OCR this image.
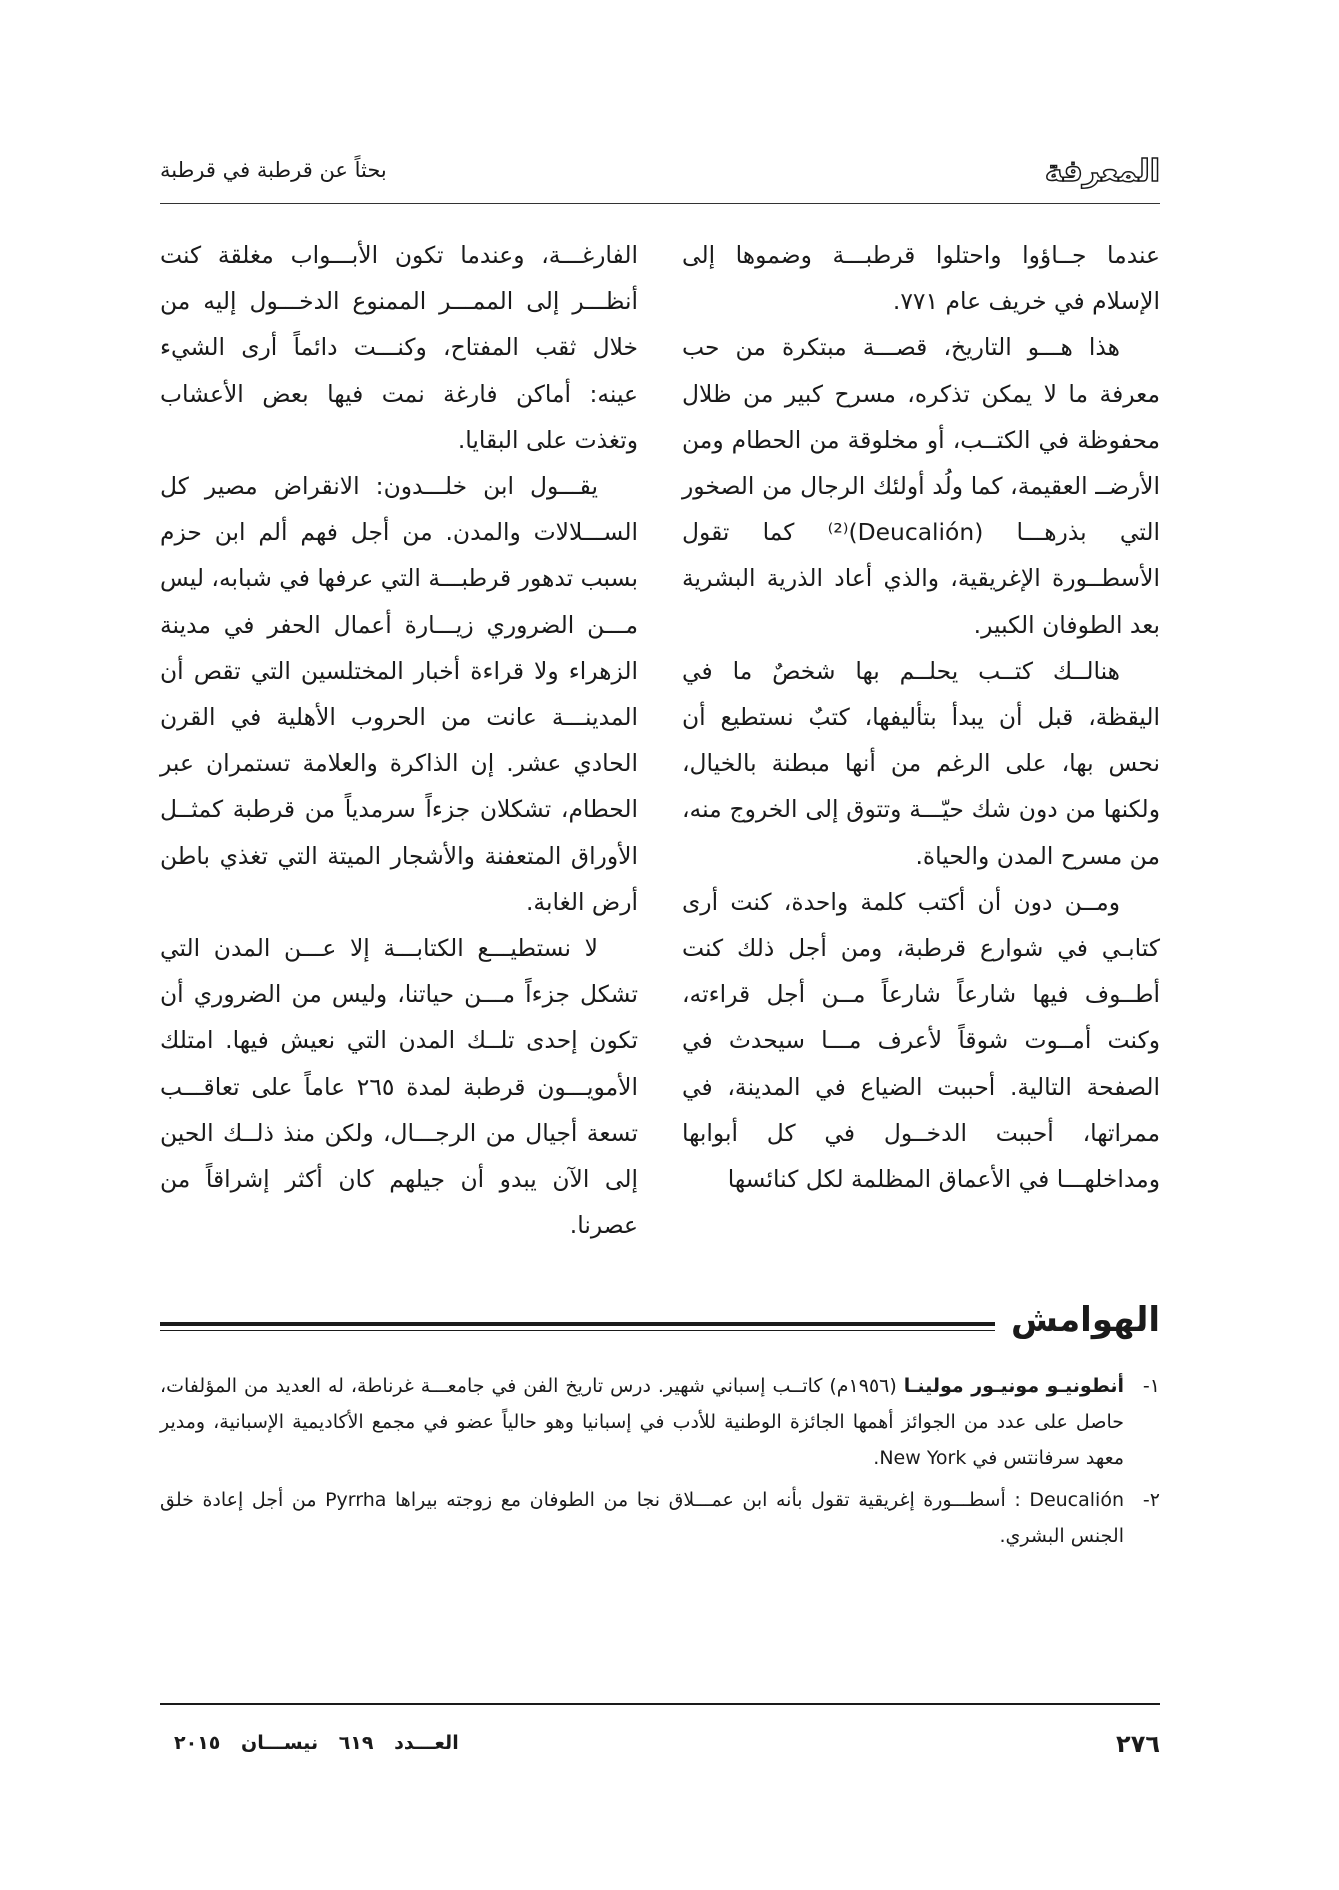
المعرفة
بحثاً عن قرطبة في قرطبة

عندما جــاؤوا واحتلوا قرطبـــة وضموها إلى الإسلام في خريف عام ٧٧١.

هذا هـــو التاريخ، قصـــة مبتكرة من حب معرفة ما لا يمكن تذكره، مسرح كبير من ظلال محفوظة في الكتــب، أو مخلوقة من الحطام ومن الأرضــ العقيمة، كما ولُد أولئك الرجال من الصخور التي بذرهـــا (Deucalión)⁽²⁾ كما تقول الأسطــورة الإغريقية، والذي أعاد الذرية البشرية بعد الطوفان الكبير.

هنالــك كتــب يحلــم بها شخصٌ ما في اليقظة، قبل أن يبدأ بتأليفها، كتبٌ نستطيع أن نحس بها، على الرغم من أنها مبطنة بالخيال، ولكنها من دون شك حيّـــة وتتوق إلى الخروج منه، من مسرح المدن والحياة.

ومــن دون أن أكتب كلمة واحدة، كنت أرى كتابـي في شوارع قرطبة، ومن أجل ذلك كنت أطــوف فيها شارعاً شارعاً مــن أجل قراءته، وكنت أمــوت شوقاً لأعرف مـــا سيحدث في الصفحة التالية. أحببت الضياع في المدينة، في ممراتها، أحببت الدخــول في كل أبوابها ومداخلهـــا في الأعماق المظلمة لكل كنائسها

الفارغـــة، وعندما تكون الأبـــواب مغلقة كنت أنظـــر إلى الممـــر الممنوع الدخـــول إليه من خلال ثقب المفتاح، وكنـــت دائماً أرى الشيء عينه: أماكن فارغة نمت فيها بعض الأعشاب وتغذت على البقايا.

يقـــول ابن خلـــدون: الانقراض مصير كل الســـلالات والمدن. من أجل فهم ألم ابن حزم بسبب تدهور قرطبـــة التي عرفها في شبابه، ليس مـــن الضروري زيـــارة أعمال الحفر في مدينة الزهراء ولا قراءة أخبار المختلسين التي تقص أن المدينـــة عانت من الحروب الأهلية في القرن الحادي عشر. إن الذاكرة والعلامة تستمران عبر الحطام، تشكلان جزءاً سرمدياً من قرطبة كمثــل الأوراق المتعفنة والأشجار الميتة التي تغذي باطن أرض الغابة.

لا نستطيـــع الكتابـــة إلا عـــن المدن التي تشكل جزءاً مـــن حياتنا، وليس من الضروري أن تكون إحدى تلــك المدن التي نعيش فيها. امتلك الأمويـــون قرطبة لمدة ٢٦٥ عاماً على تعاقـــب تسعة أجيال من الرجـــال، ولكن منذ ذلــك الحين إلى الآن يبدو أن جيلهم كان أكثر إشراقاً من عصرنا.

الهوامش
١-
أنطونيـو مونيـور مولينـا (١٩٥٦م) كاتــب إسباني شهير. درس تاريخ الفن في جامعـــة غرناطة، له العديد من المؤلفات، حاصل على عدد من الجوائز أهمها الجائزة الوطنية للأدب في إسبانيا وهو حالياً عضو في مجمع الأكاديمية الإسبانية، ومدير معهد سرفانتس في New York.
٢-
Deucalión : أسطـــورة إغريقية تقول بأنه ابن عمـــلاق نجا من الطوفان مع زوجته بيراها Pyrrha من أجل إعادة خلق الجنس البشري.
٢٧٦
العـــدد ٦١٩ نيســـان ٢٠١٥
